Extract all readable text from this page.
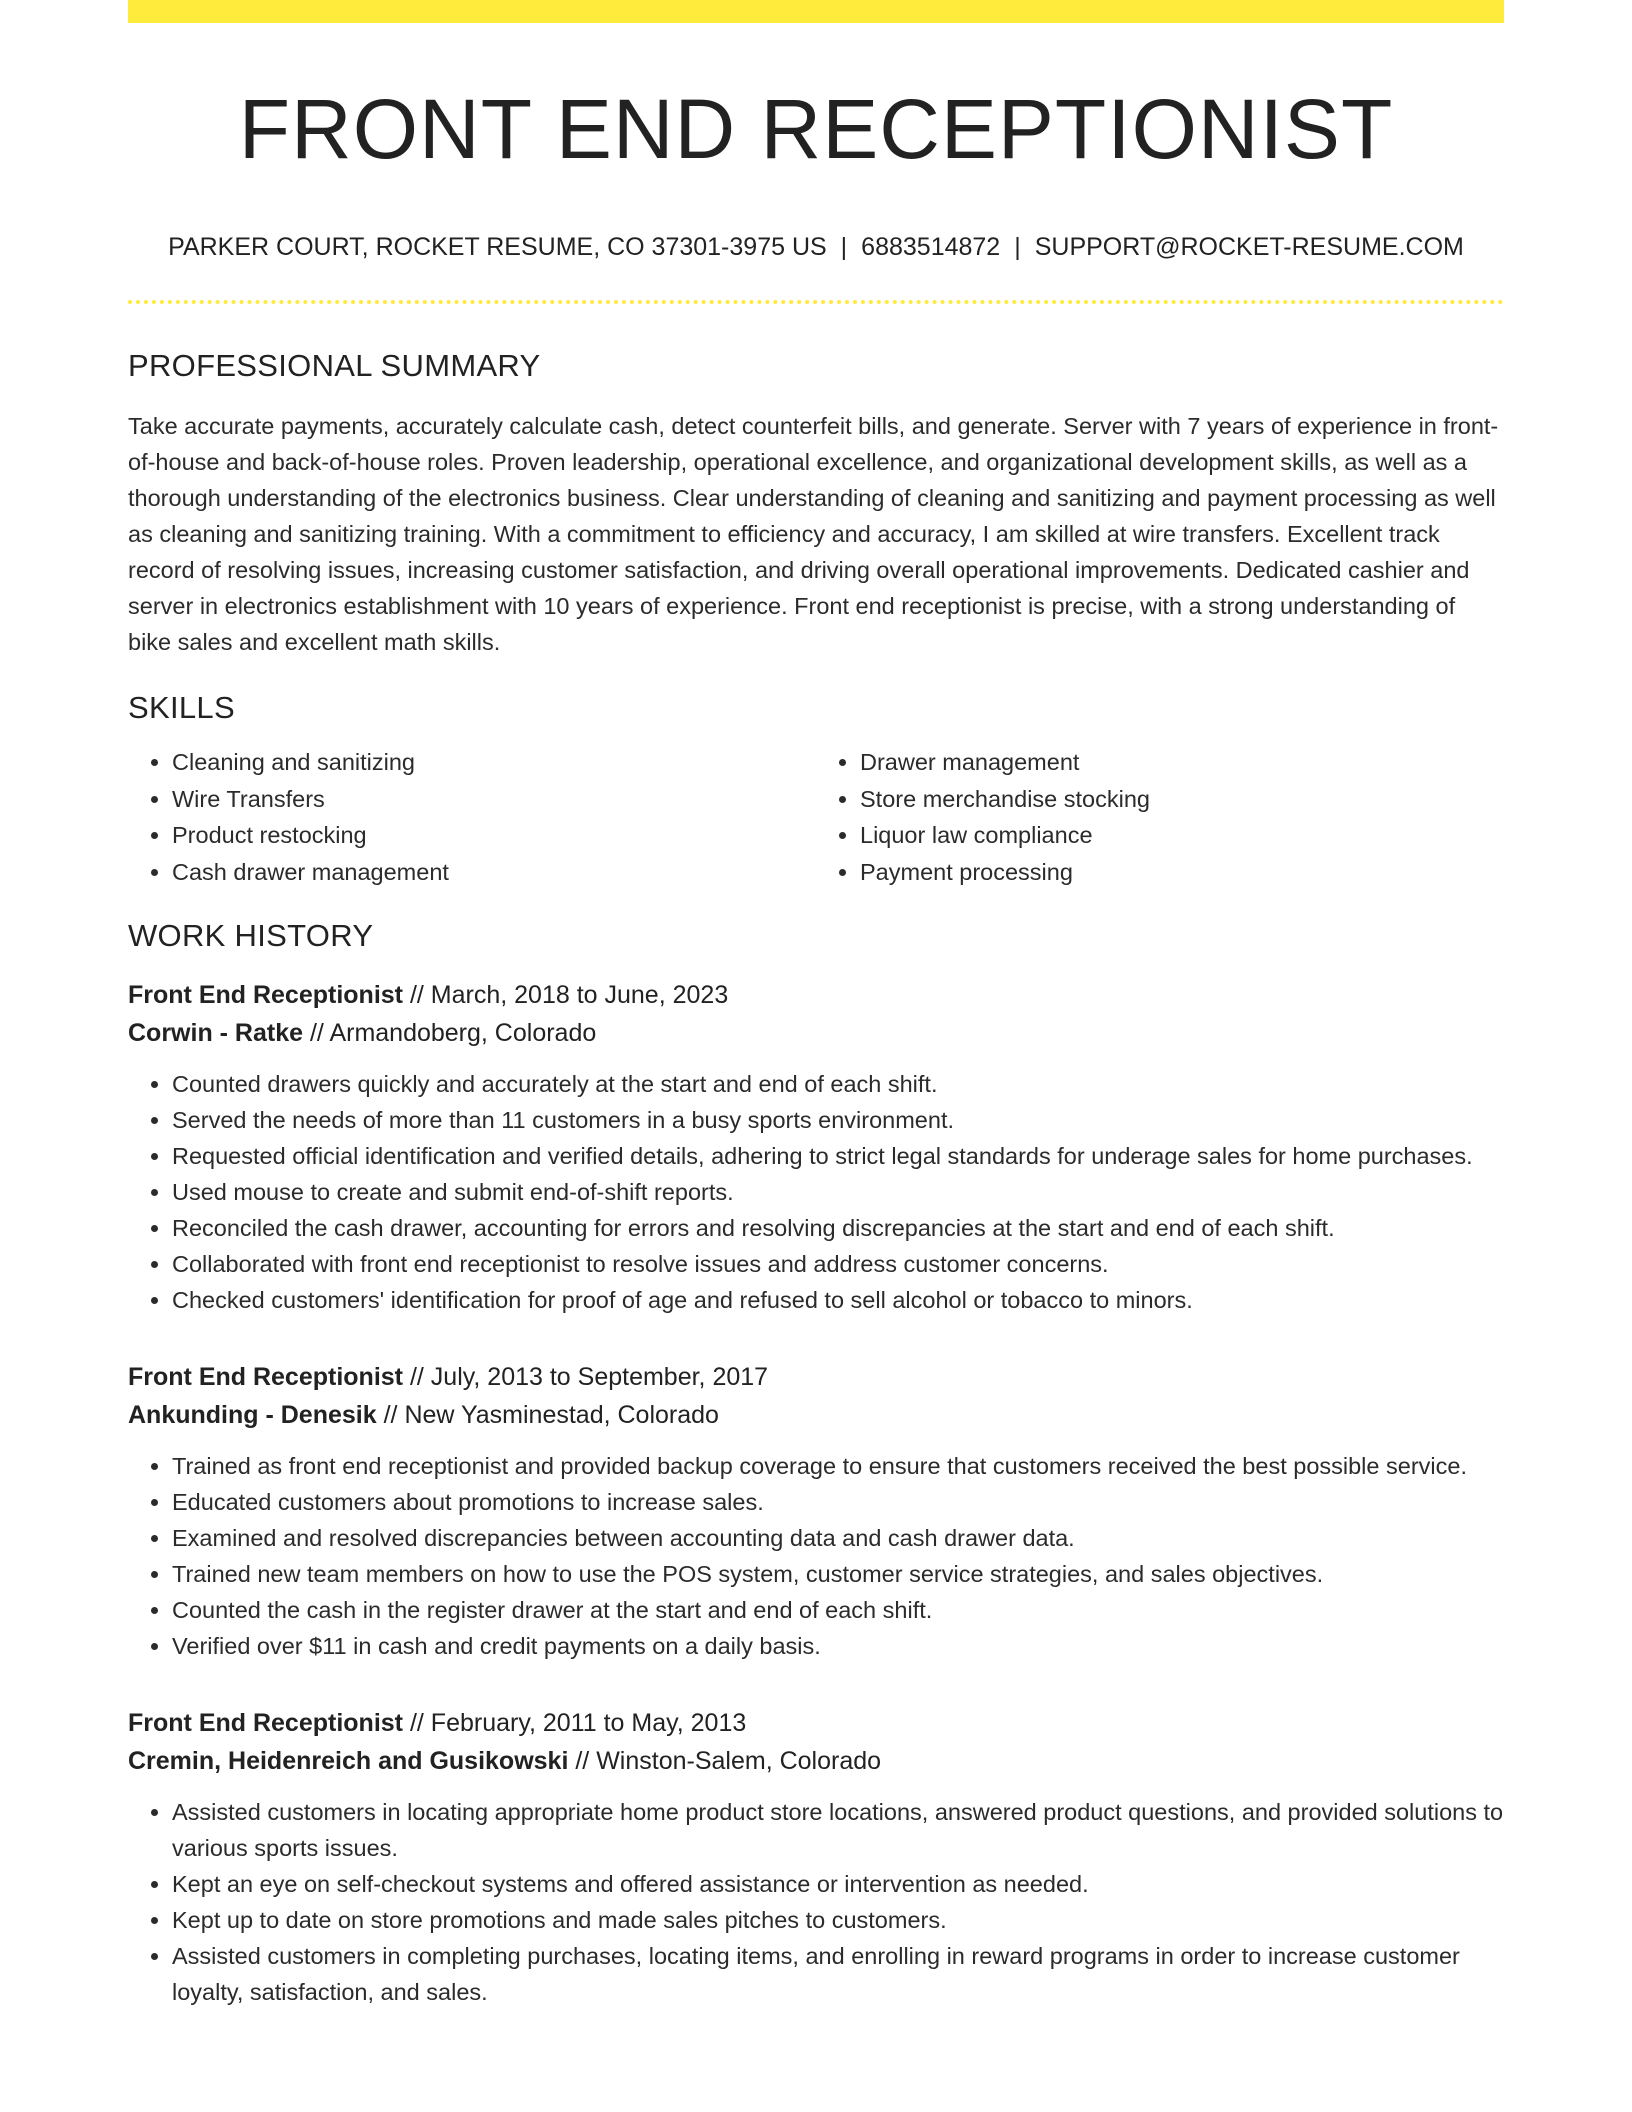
FRONT END RECEPTIONIST
PARKER COURT, ROCKET RESUME, CO 37301-3975 US | 6883514872 | SUPPORT@ROCKET-RESUME.COM
PROFESSIONAL SUMMARY

Take accurate payments, accurately calculate cash, detect counterfeit bills, and generate. Server with 7 years of experience in front-of-house and back-of-house roles. Proven leadership, operational excellence, and organizational development skills, as well as a thorough understanding of the electronics business. Clear understanding of cleaning and sanitizing and payment processing as well as cleaning and sanitizing training. With a commitment to efficiency and accuracy, I am skilled at wire transfers. Excellent track record of resolving issues, increasing customer satisfaction, and driving overall operational improvements. Dedicated cashier and server in electronics establishment with 10 years of experience. Front end receptionist is precise, with a strong understanding of bike sales and excellent math skills.

SKILLS
• Cleaning and sanitizing
• Wire Transfers
• Product restocking
• Cash drawer management
• Drawer management
• Store merchandise stocking
• Liquor law compliance
• Payment processing
WORK HISTORY
Front End Receptionist // March, 2018 to June, 2023
Corwin - Ratke // Armandoberg, Colorado
• Counted drawers quickly and accurately at the start and end of each shift.
• Served the needs of more than 11 customers in a busy sports environment.
• Requested official identification and verified details, adhering to strict legal standards for underage sales for home purchases.
• Used mouse to create and submit end-of-shift reports.
• Reconciled the cash drawer, accounting for errors and resolving discrepancies at the start and end of each shift.
• Collaborated with front end receptionist to resolve issues and address customer concerns.
• Checked customers' identification for proof of age and refused to sell alcohol or tobacco to minors.
Front End Receptionist // July, 2013 to September, 2017
Ankunding - Denesik // New Yasminestad, Colorado
• Trained as front end receptionist and provided backup coverage to ensure that customers received the best possible service.
• Educated customers about promotions to increase sales.
• Examined and resolved discrepancies between accounting data and cash drawer data.
• Trained new team members on how to use the POS system, customer service strategies, and sales objectives.
• Counted the cash in the register drawer at the start and end of each shift.
• Verified over $11 in cash and credit payments on a daily basis.
Front End Receptionist // February, 2011 to May, 2013
Cremin, Heidenreich and Gusikowski // Winston-Salem, Colorado
• Assisted customers in locating appropriate home product store locations, answered product questions, and provided solutions to various sports issues.
• Kept an eye on self-checkout systems and offered assistance or intervention as needed.
• Kept up to date on store promotions and made sales pitches to customers.
• Assisted customers in completing purchases, locating items, and enrolling in reward programs in order to increase customer loyalty, satisfaction, and sales.
